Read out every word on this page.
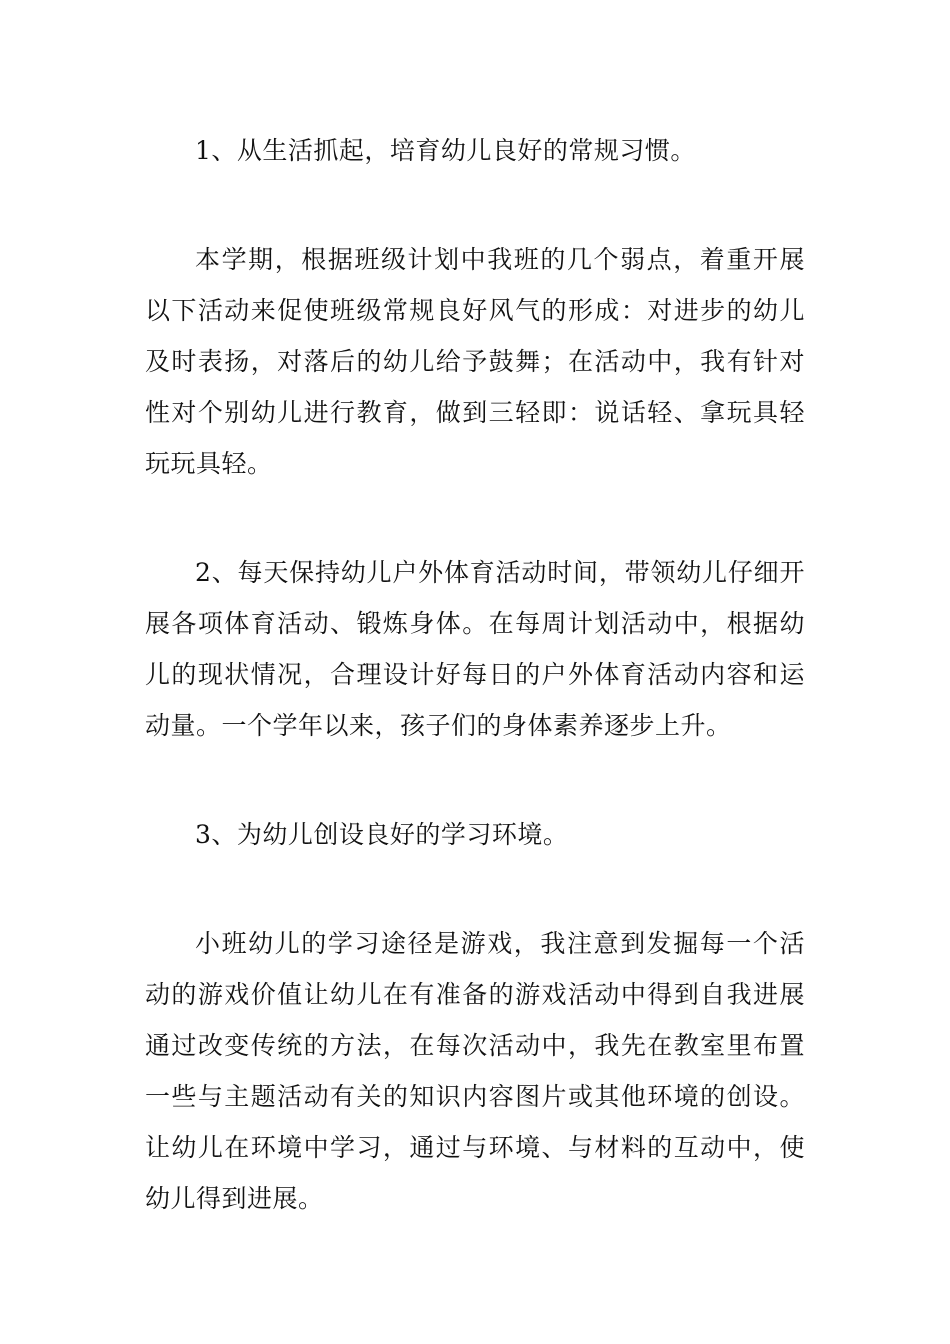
1、从生活抓起，培育幼儿良好的常规习惯。

本学期，根据班级计划中我班的几个弱点，着重开展以下活动来促使班级常规良好风气的形成：对进步的幼儿及时表扬，对落后的幼儿给予鼓舞；在活动中，我有针对性对个别幼儿进行教育，做到三轻即：说话轻、拿玩具轻玩玩具轻。

2、每天保持幼儿户外体育活动时间，带领幼儿仔细开展各项体育活动、锻炼身体。在每周计划活动中，根据幼儿的现状情况，合理设计好每日的户外体育活动内容和运动量。一个学年以来，孩子们的身体素养逐步上升。

3、为幼儿创设良好的学习环境。

小班幼儿的学习途径是游戏，我注意到发掘每一个活动的游戏价值让幼儿在有准备的游戏活动中得到自我进展通过改变传统的方法，在每次活动中，我先在教室里布置一些与主题活动有关的知识内容图片或其他环境的创设。让幼儿在环境中学习，通过与环境、与材料的互动中，使幼儿得到进展。
